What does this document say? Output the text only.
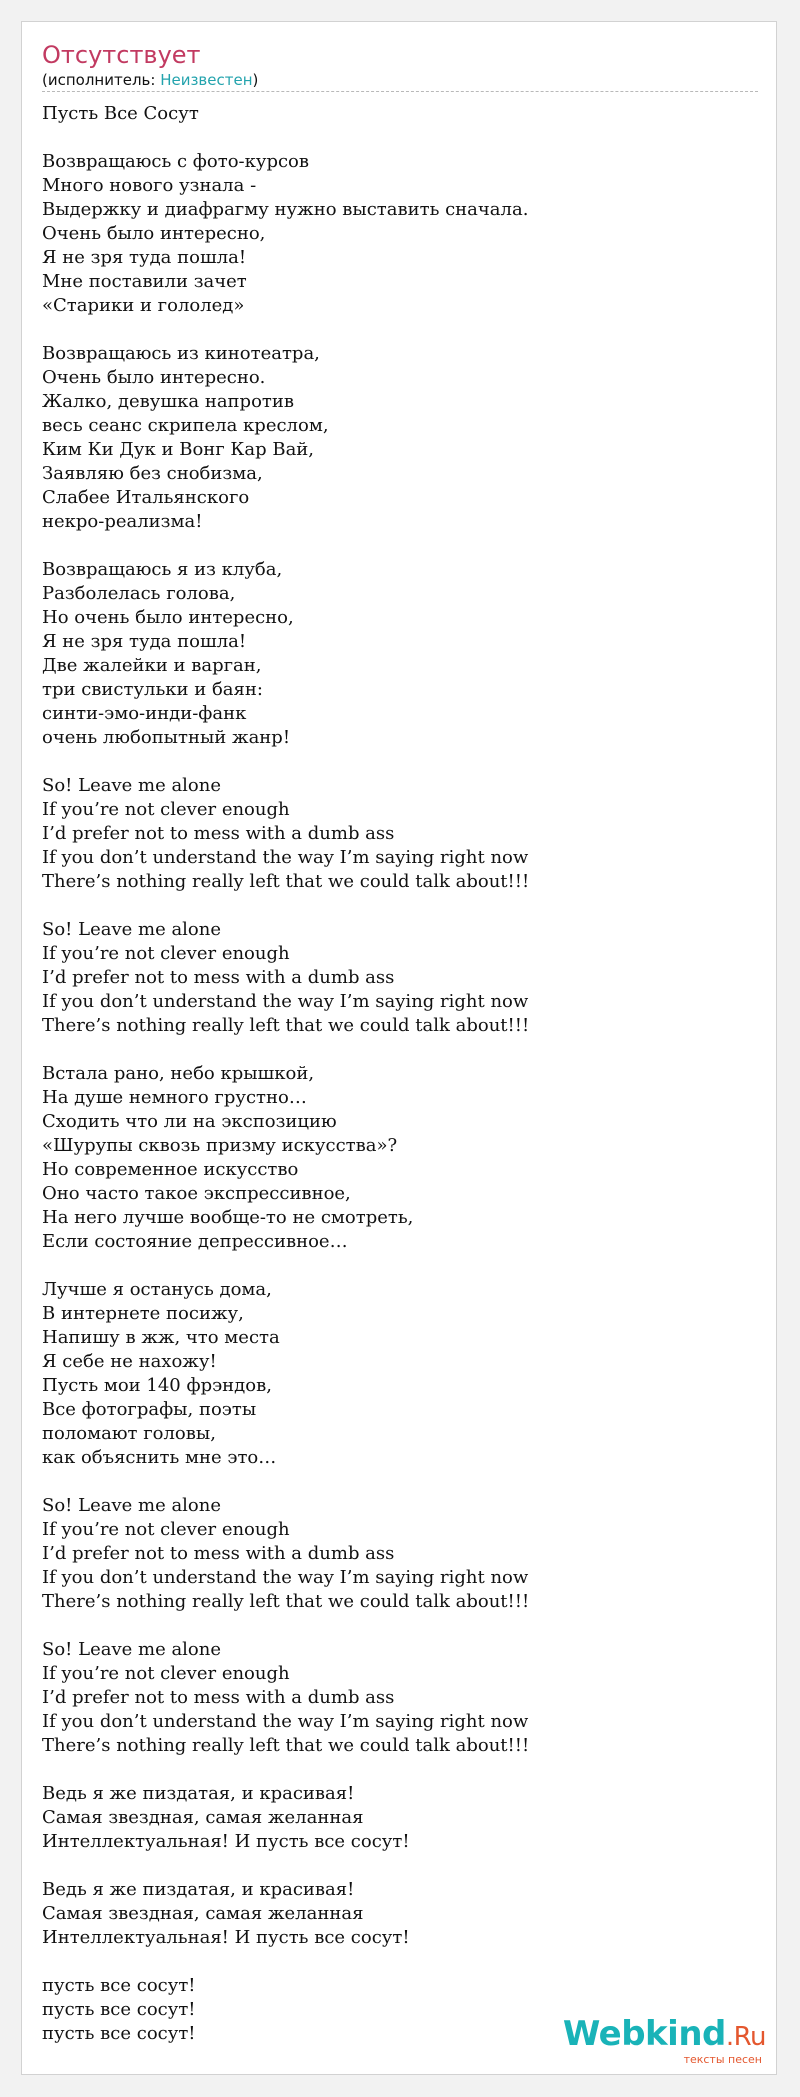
Отсутствует
(исполнитель: Неизвестен)
Пусть Все Сосут

Возвращаюсь с фото-курсов
Много нового узнала -
Выдержку и диафрагму нужно выставить сначала.
Очень было интересно,
Я не зря туда пошла!
Мне поставили зачет
«Старики и гололед»

Возвращаюсь из кинотеатра,
Очень было интересно.
Жалко, девушка напротив
весь сеанс скрипела креслом,
Ким Ки Дук и Вонг Кар Вай,
Заявляю без снобизма,
Слабее Итальянского
некро-реализма!

Возвращаюсь я из клуба,
Разболелась голова,
Но очень было интересно,
Я не зря туда пошла!
Две жалейки и варган,
три свистульки и баян:
синти-эмо-инди-фанк
очень любопытный жанр!

So! Leave me alone
If you’re not clever enough
I’d prefer not to mess with a dumb ass
If you don’t understand the way I’m saying right now
There’s nothing really left that we could talk about!!!

So! Leave me alone
If you’re not clever enough
I’d prefer not to mess with a dumb ass
If you don’t understand the way I’m saying right now
There’s nothing really left that we could talk about!!!

Встала рано, небо крышкой,
На душе немного грустно…
Сходить что ли на экспозицию
«Шурупы сквозь призму искусства»?
Но современное искусство
Оно часто такое экспрессивное,
На него лучше вообще-то не смотреть,
Если состояние депрессивное…

Лучше я останусь дома,
В интернете посижу,
Напишу в жж, что места
Я себе не нахожу!
Пусть мои 140 фрэндов,
Все фотографы, поэты
поломают головы,
как объяснить мне это…

So! Leave me alone
If you’re not clever enough
I’d prefer not to mess with a dumb ass
If you don’t understand the way I’m saying right now
There’s nothing really left that we could talk about!!!

So! Leave me alone
If you’re not clever enough
I’d prefer not to mess with a dumb ass
If you don’t understand the way I’m saying right now
There’s nothing really left that we could talk about!!!

Ведь я же пиздатая, и красивая!
Самая звездная, самая желанная
Интеллектуальная! И пусть все сосут!

Ведь я же пиздатая, и красивая!
Самая звездная, самая желанная
Интеллектуальная! И пусть все сосут!

пусть все сосут!
пусть все сосут!
пусть все сосут!	Webkind.Ru
тексты песен
